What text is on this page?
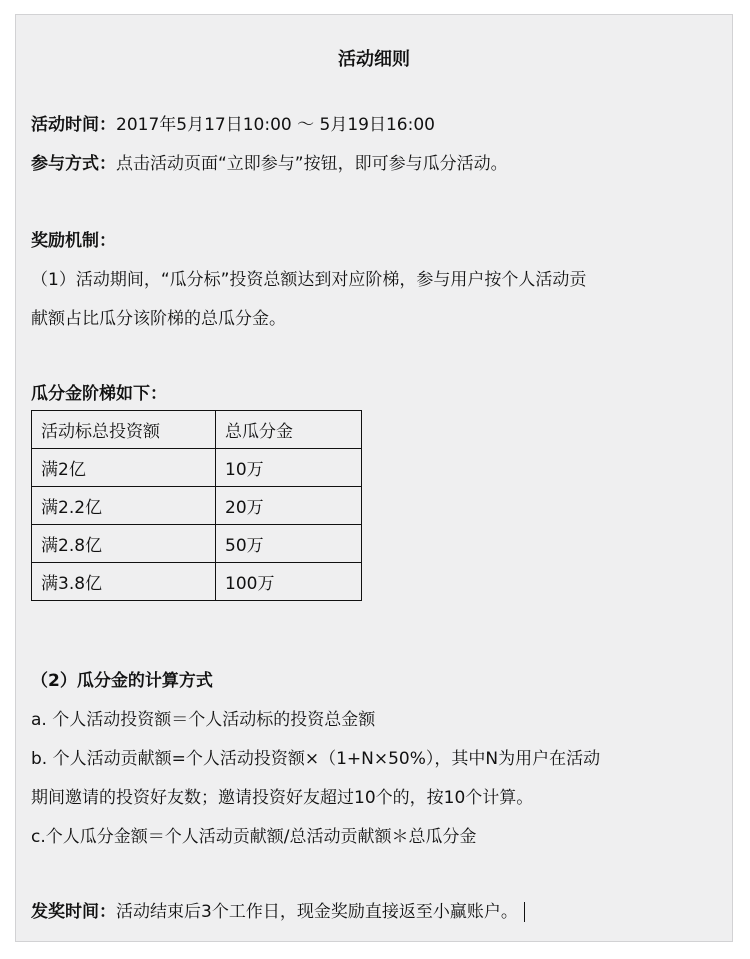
活动细则
活动时间：2017年5月17日10:00 ～ 5月19日16:00
参与方式：点击活动页面“立即参与”按钮，即可参与瓜分活动。
奖励机制：
（1）活动期间，“瓜分标”投资总额达到对应阶梯，参与用户按个人活动贡
献额占比瓜分该阶梯的总瓜分金。
瓜分金阶梯如下：
活动标总投资额	总瓜分金
满2亿	10万
满2.2亿	20万
满2.8亿	50万
满3.8亿	100万
（2）瓜分金的计算方式
a. 个人活动投资额＝个人活动标的投资总金额
b. 个人活动贡献额=个人活动投资额×（1+N×50%），其中N为用户在活动
期间邀请的投资好友数；邀请投资好友超过10个的，按10个计算。
c.个人瓜分金额＝个人活动贡献额/总活动贡献额＊总瓜分金
发奖时间：活动结束后3个工作日，现金奖励直接返至小赢账户。
